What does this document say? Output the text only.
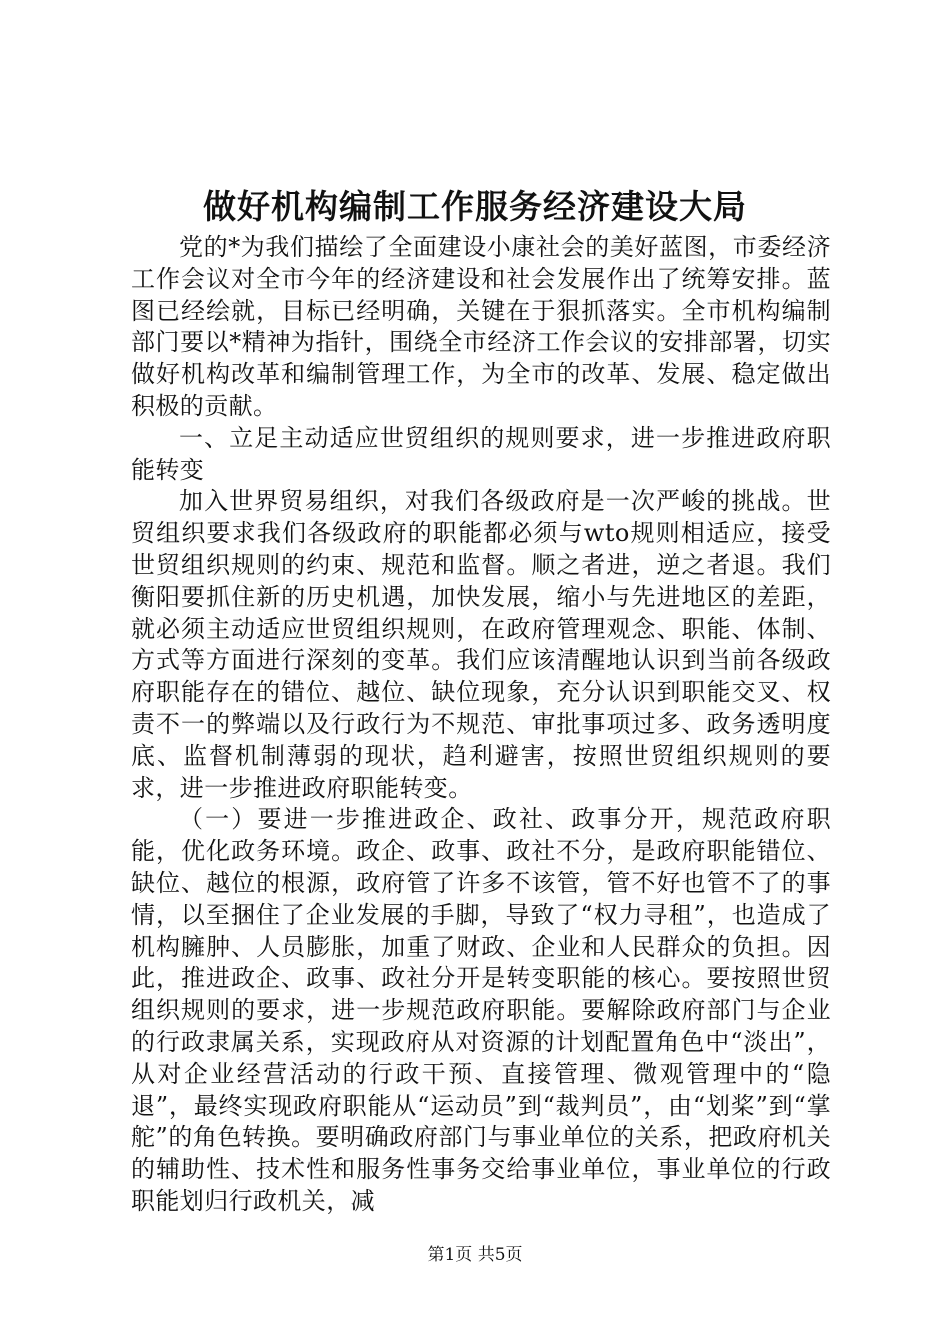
做好机构编制工作服务经济建设大局

党的*为我们描绘了全面建设小康社会的美好蓝图，市委经济工作会议对全市今年的经济建设和社会发展作出了统筹安排。蓝图已经绘就，目标已经明确，关键在于狠抓落实。全市机构编制部门要以*精神为指针，围绕全市经济工作会议的安排部署，切实做好机构改革和编制管理工作，为全市的改革、发展、稳定做出积极的贡献。

一、立足主动适应世贸组织的规则要求，进一步推进政府职能转变

加入世界贸易组织，对我们各级政府是一次严峻的挑战。世贸组织要求我们各级政府的职能都必须与wto规则相适应，接受世贸组织规则的约束、规范和监督。顺之者进，逆之者退。我们衡阳要抓住新的历史机遇，加快发展，缩小与先进地区的差距，就必须主动适应世贸组织规则，在政府管理观念、职能、体制、方式等方面进行深刻的变革。我们应该清醒地认识到当前各级政府职能存在的错位、越位、缺位现象，充分认识到职能交叉、权责不一的弊端以及行政行为不规范、审批事项过多、政务透明度底、监督机制薄弱的现状，趋利避害，按照世贸组织规则的要求，进一步推进政府职能转变。

（一）要进一步推进政企、政社、政事分开，规范政府职能，优化政务环境。政企、政事、政社不分，是政府职能错位、缺位、越位的根源，政府管了许多不该管，管不好也管不了的事情，以至捆住了企业发展的手脚，导致了“权力寻租”，也造成了机构臃肿、人员膨胀，加重了财政、企业和人民群众的负担。因此，推进政企、政事、政社分开是转变职能的核心。要按照世贸组织规则的要求，进一步规范政府职能。要解除政府部门与企业的行政隶属关系，实现政府从对资源的计划配置角色中“淡出”，从对企业经营活动的行政干预、直接管理、微观管理中的“隐退”，最终实现政府职能从“运动员”到“裁判员”，由“划桨”到“掌舵”的角色转换。要明确政府部门与事业单位的关系，把政府机关的辅助性、技术性和服务性事务交给事业单位，事业单位的行政职能划归行政机关，减

第1页 共5页
